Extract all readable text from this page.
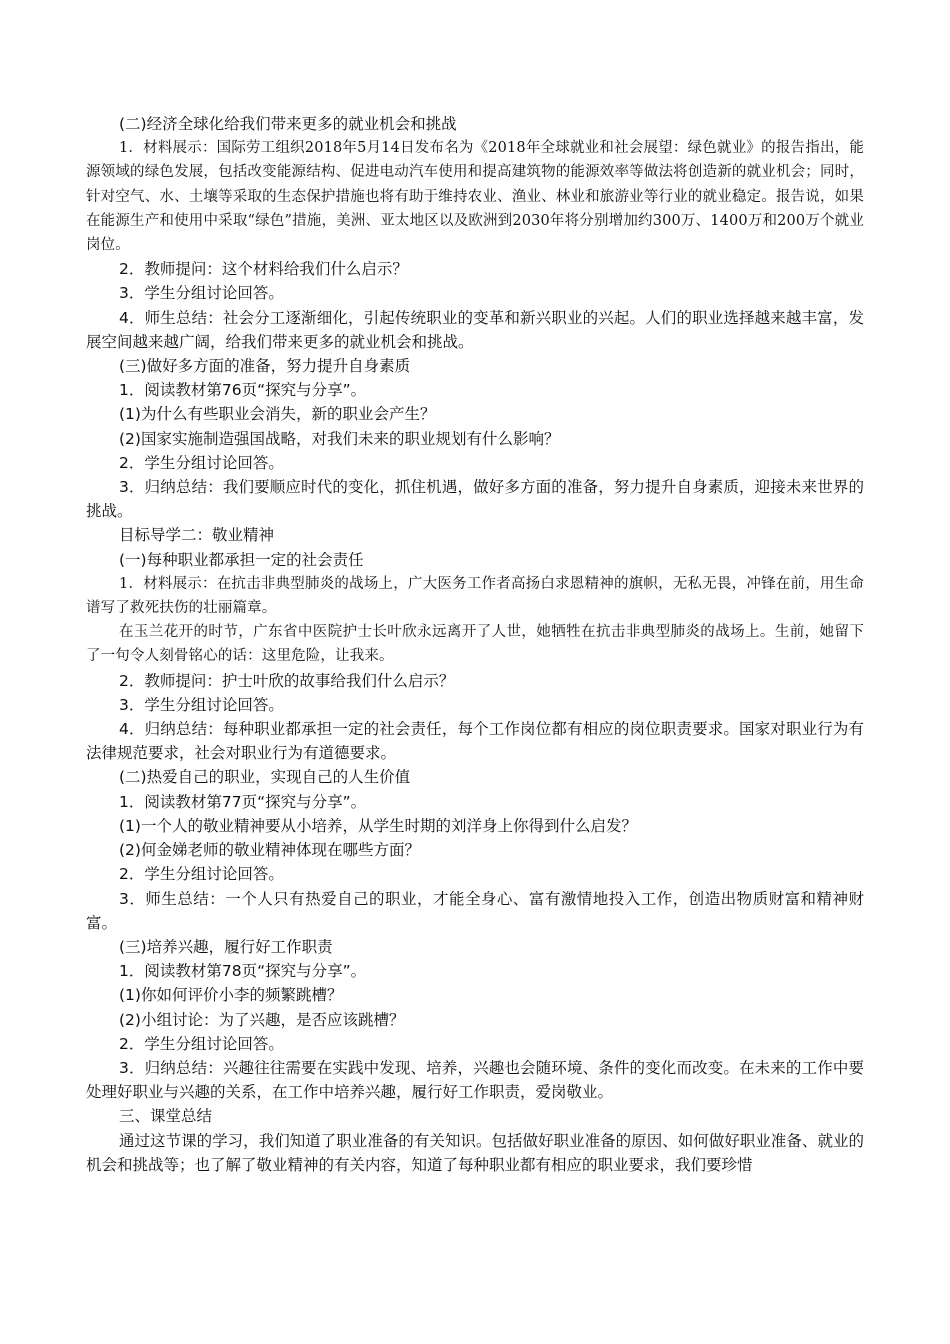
(二)经济全球化给我们带来更多的就业机会和挑战

1．材料展示：国际劳工组织2018年5月14日发布名为《2018年全球就业和社会展望：绿色就业》的报告指出，能源领域的绿色发展，包括改变能源结构、促进电动汽车使用和提高建筑物的能源效率等做法将创造新的就业机会；同时，针对空气、水、土壤等采取的生态保护措施也将有助于维持农业、渔业、林业和旅游业等行业的就业稳定。报告说，如果在能源生产和使用中采取“绿色”措施，美洲、亚太地区以及欧洲到2030年将分别增加约300万、1400万和200万个就业岗位。

2．教师提问：这个材料给我们什么启示？

3．学生分组讨论回答。

4．师生总结：社会分工逐渐细化，引起传统职业的变革和新兴职业的兴起。人们的职业选择越来越丰富，发展空间越来越广阔，给我们带来更多的就业机会和挑战。

(三)做好多方面的准备，努力提升自身素质

1．阅读教材第76页“探究与分享”。

(1)为什么有些职业会消失，新的职业会产生？

(2)国家实施制造强国战略，对我们未来的职业规划有什么影响？

2．学生分组讨论回答。

3．归纳总结：我们要顺应时代的变化，抓住机遇，做好多方面的准备，努力提升自身素质，迎接未来世界的挑战。

目标导学二：敬业精神

(一)每种职业都承担一定的社会责任

1．材料展示：在抗击非典型肺炎的战场上，广大医务工作者高扬白求恩精神的旗帜，无私无畏，冲锋在前，用生命谱写了救死扶伤的壮丽篇章。

在玉兰花开的时节，广东省中医院护士长叶欣永远离开了人世，她牺牲在抗击非典型肺炎的战场上。生前，她留下了一句令人刻骨铭心的话：这里危险，让我来。

2．教师提问：护士叶欣的故事给我们什么启示？

3．学生分组讨论回答。

4．归纳总结：每种职业都承担一定的社会责任，每个工作岗位都有相应的岗位职责要求。国家对职业行为有法律规范要求，社会对职业行为有道德要求。

(二)热爱自己的职业，实现自己的人生价值

1．阅读教材第77页“探究与分享”。

(1)一个人的敬业精神要从小培养，从学生时期的刘洋身上你得到什么启发？

(2)何金娣老师的敬业精神体现在哪些方面？

2．学生分组讨论回答。

3．师生总结：一个人只有热爱自己的职业，才能全身心、富有激情地投入工作，创造出物质财富和精神财富。

(三)培养兴趣，履行好工作职责

1．阅读教材第78页“探究与分享”。

(1)你如何评价小李的频繁跳槽？

(2)小组讨论：为了兴趣，是否应该跳槽？

2．学生分组讨论回答。

3．归纳总结：兴趣往往需要在实践中发现、培养，兴趣也会随环境、条件的变化而改变。在未来的工作中要处理好职业与兴趣的关系，在工作中培养兴趣，履行好工作职责，爱岗敬业。

三、课堂总结

通过这节课的学习，我们知道了职业准备的有关知识。包括做好职业准备的原因、如何做好职业准备、就业的机会和挑战等；也了解了敬业精神的有关内容，知道了每种职业都有相应的职业要求，我们要珍惜
